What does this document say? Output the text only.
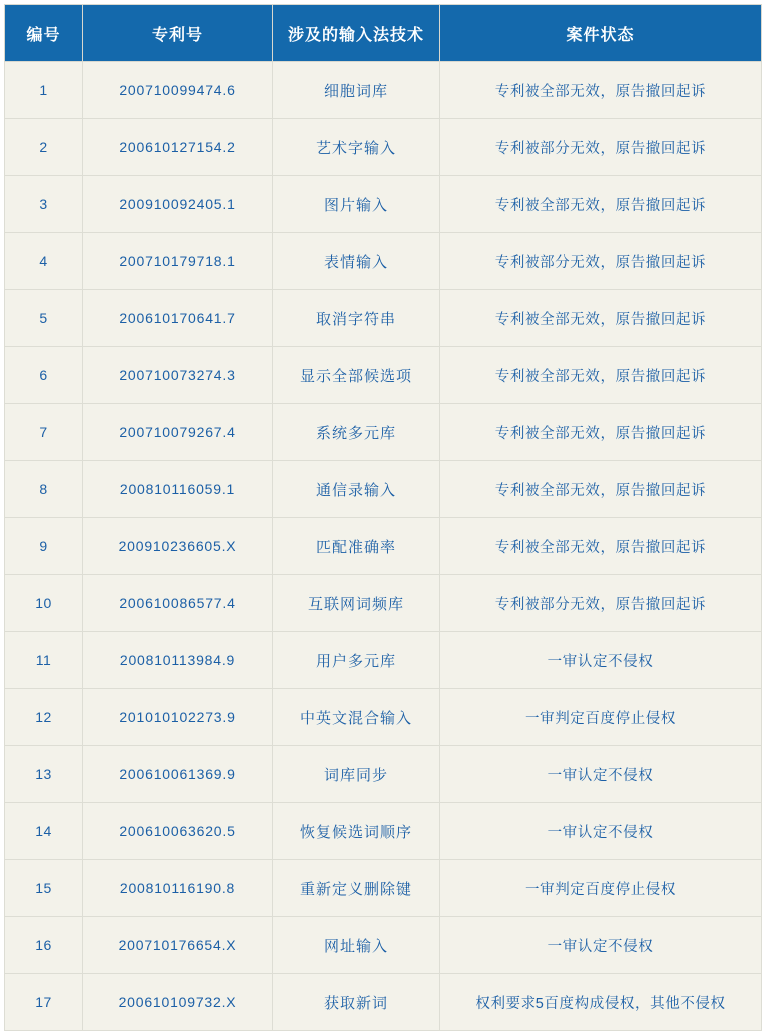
编号	专利号	涉及的输入法技术	案件状态
1	200710099474.6	细胞词库	专利被全部无效，原告撤回起诉
2	200610127154.2	艺术字输入	专利被部分无效，原告撤回起诉
3	200910092405.1	图片输入	专利被全部无效，原告撤回起诉
4	200710179718.1	表情输入	专利被部分无效，原告撤回起诉
5	200610170641.7	取消字符串	专利被全部无效，原告撤回起诉
6	200710073274.3	显示全部候选项	专利被全部无效，原告撤回起诉
7	200710079267.4	系统多元库	专利被全部无效，原告撤回起诉
8	200810116059.1	通信录输入	专利被全部无效，原告撤回起诉
9	200910236605.X	匹配准确率	专利被全部无效，原告撤回起诉
10	200610086577.4	互联网词频库	专利被部分无效，原告撤回起诉
11	200810113984.9	用户多元库	一审认定不侵权
12	201010102273.9	中英文混合输入	一审判定百度停止侵权
13	200610061369.9	词库同步	一审认定不侵权
14	200610063620.5	恢复候选词顺序	一审认定不侵权
15	200810116190.8	重新定义删除键	一审判定百度停止侵权
16	200710176654.X	网址输入	一审认定不侵权
17	200610109732.X	获取新词	权利要求5百度构成侵权，其他不侵权
